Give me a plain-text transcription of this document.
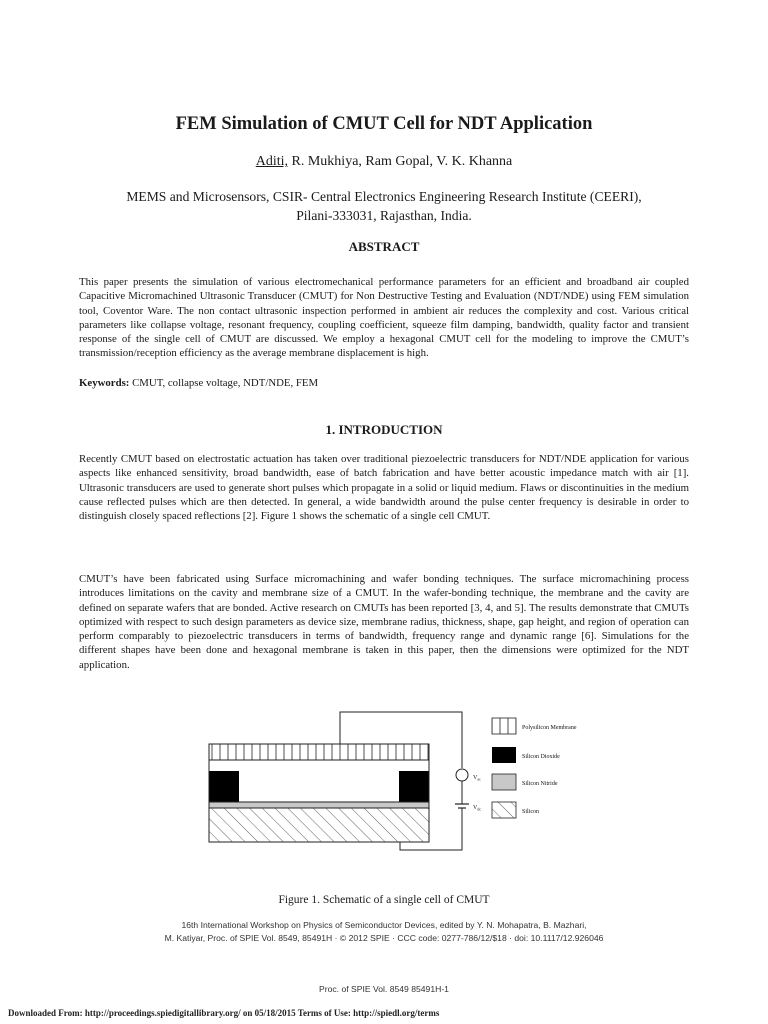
FEM Simulation of CMUT Cell for NDT Application
Aditi, R. Mukhiya, Ram Gopal, V. K. Khanna
MEMS and Microsensors, CSIR- Central Electronics Engineering Research Institute (CEERI),
Pilani-333031, Rajasthan, India.
ABSTRACT

This paper presents the simulation of various electromechanical performance parameters for an efficient and broadband air coupled Capacitive Micromachined Ultrasonic Transducer (CMUT) for Non Destructive Testing and Evaluation (NDT/NDE) using FEM simulation tool, Coventor Ware. The non contact ultrasonic inspection performed in ambient air reduces the complexity and cost. Various critical parameters like collapse voltage, resonant frequency, coupling coefficient, squeeze film damping, bandwidth, quality factor and transient response of the single cell of CMUT are discussed. We employ a hexagonal CMUT cell for the modeling to improve the CMUT’s transmission/reception efficiency as the average membrane displacement is high.

Keywords: CMUT, collapse voltage, NDT/NDE, FEM

1. INTRODUCTION

Recently CMUT based on electrostatic actuation has taken over traditional piezoelectric transducers for NDT/NDE application for various aspects like enhanced sensitivity, broad bandwidth, ease of batch fabrication and have better acoustic impedance match with air [1]. Ultrasonic transducers are used to generate short pulses which propagate in a solid or liquid medium. Flaws or discontinuities in the medium cause reflected pulses which are then detected. In general, a wide bandwidth around the pulse center frequency is desirable in order to distinguish closely spaced reflections [2]. Figure 1 shows the schematic of a single cell CMUT.

CMUT’s have been fabricated using Surface micromachining and wafer bonding techniques. The surface micromachining process introduces limitations on the cavity and membrane size of a CMUT. In the wafer-bonding technique, the membrane and the cavity are defined on separate wafers that are bonded. Active research on CMUTs has been reported [3, 4, and 5]. The results demonstrate that CMUTs optimized with respect to such design parameters as device size, membrane radius, thickness, shape, gap height, and region of operation can perform comparably to piezoelectric transducers in terms of bandwidth, frequency range and dynamic range [6]. Simulations for the different shapes have been done and hexagonal membrane is taken in this paper, then the dimensions were optimized for the NDT application.

$V_{ac}$
$V_{dc}$
Polysilicon Membrane
Silicon Dioxide
Silicon Nitride
Silicon
Figure 1. Schematic of a single cell of CMUT
16th International Workshop on Physics of Semiconductor Devices, edited by Y. N. Mohapatra, B. Mazhari,
M. Katiyar, Proc. of SPIE Vol. 8549, 85491H · © 2012 SPIE · CCC code: 0277-786/12/$18 · doi: 10.1117/12.926046
Proc. of SPIE Vol. 8549 85491H-1
Downloaded From: http://proceedings.spiedigitallibrary.org/ on 05/18/2015 Terms of Use: http://spiedl.org/terms
